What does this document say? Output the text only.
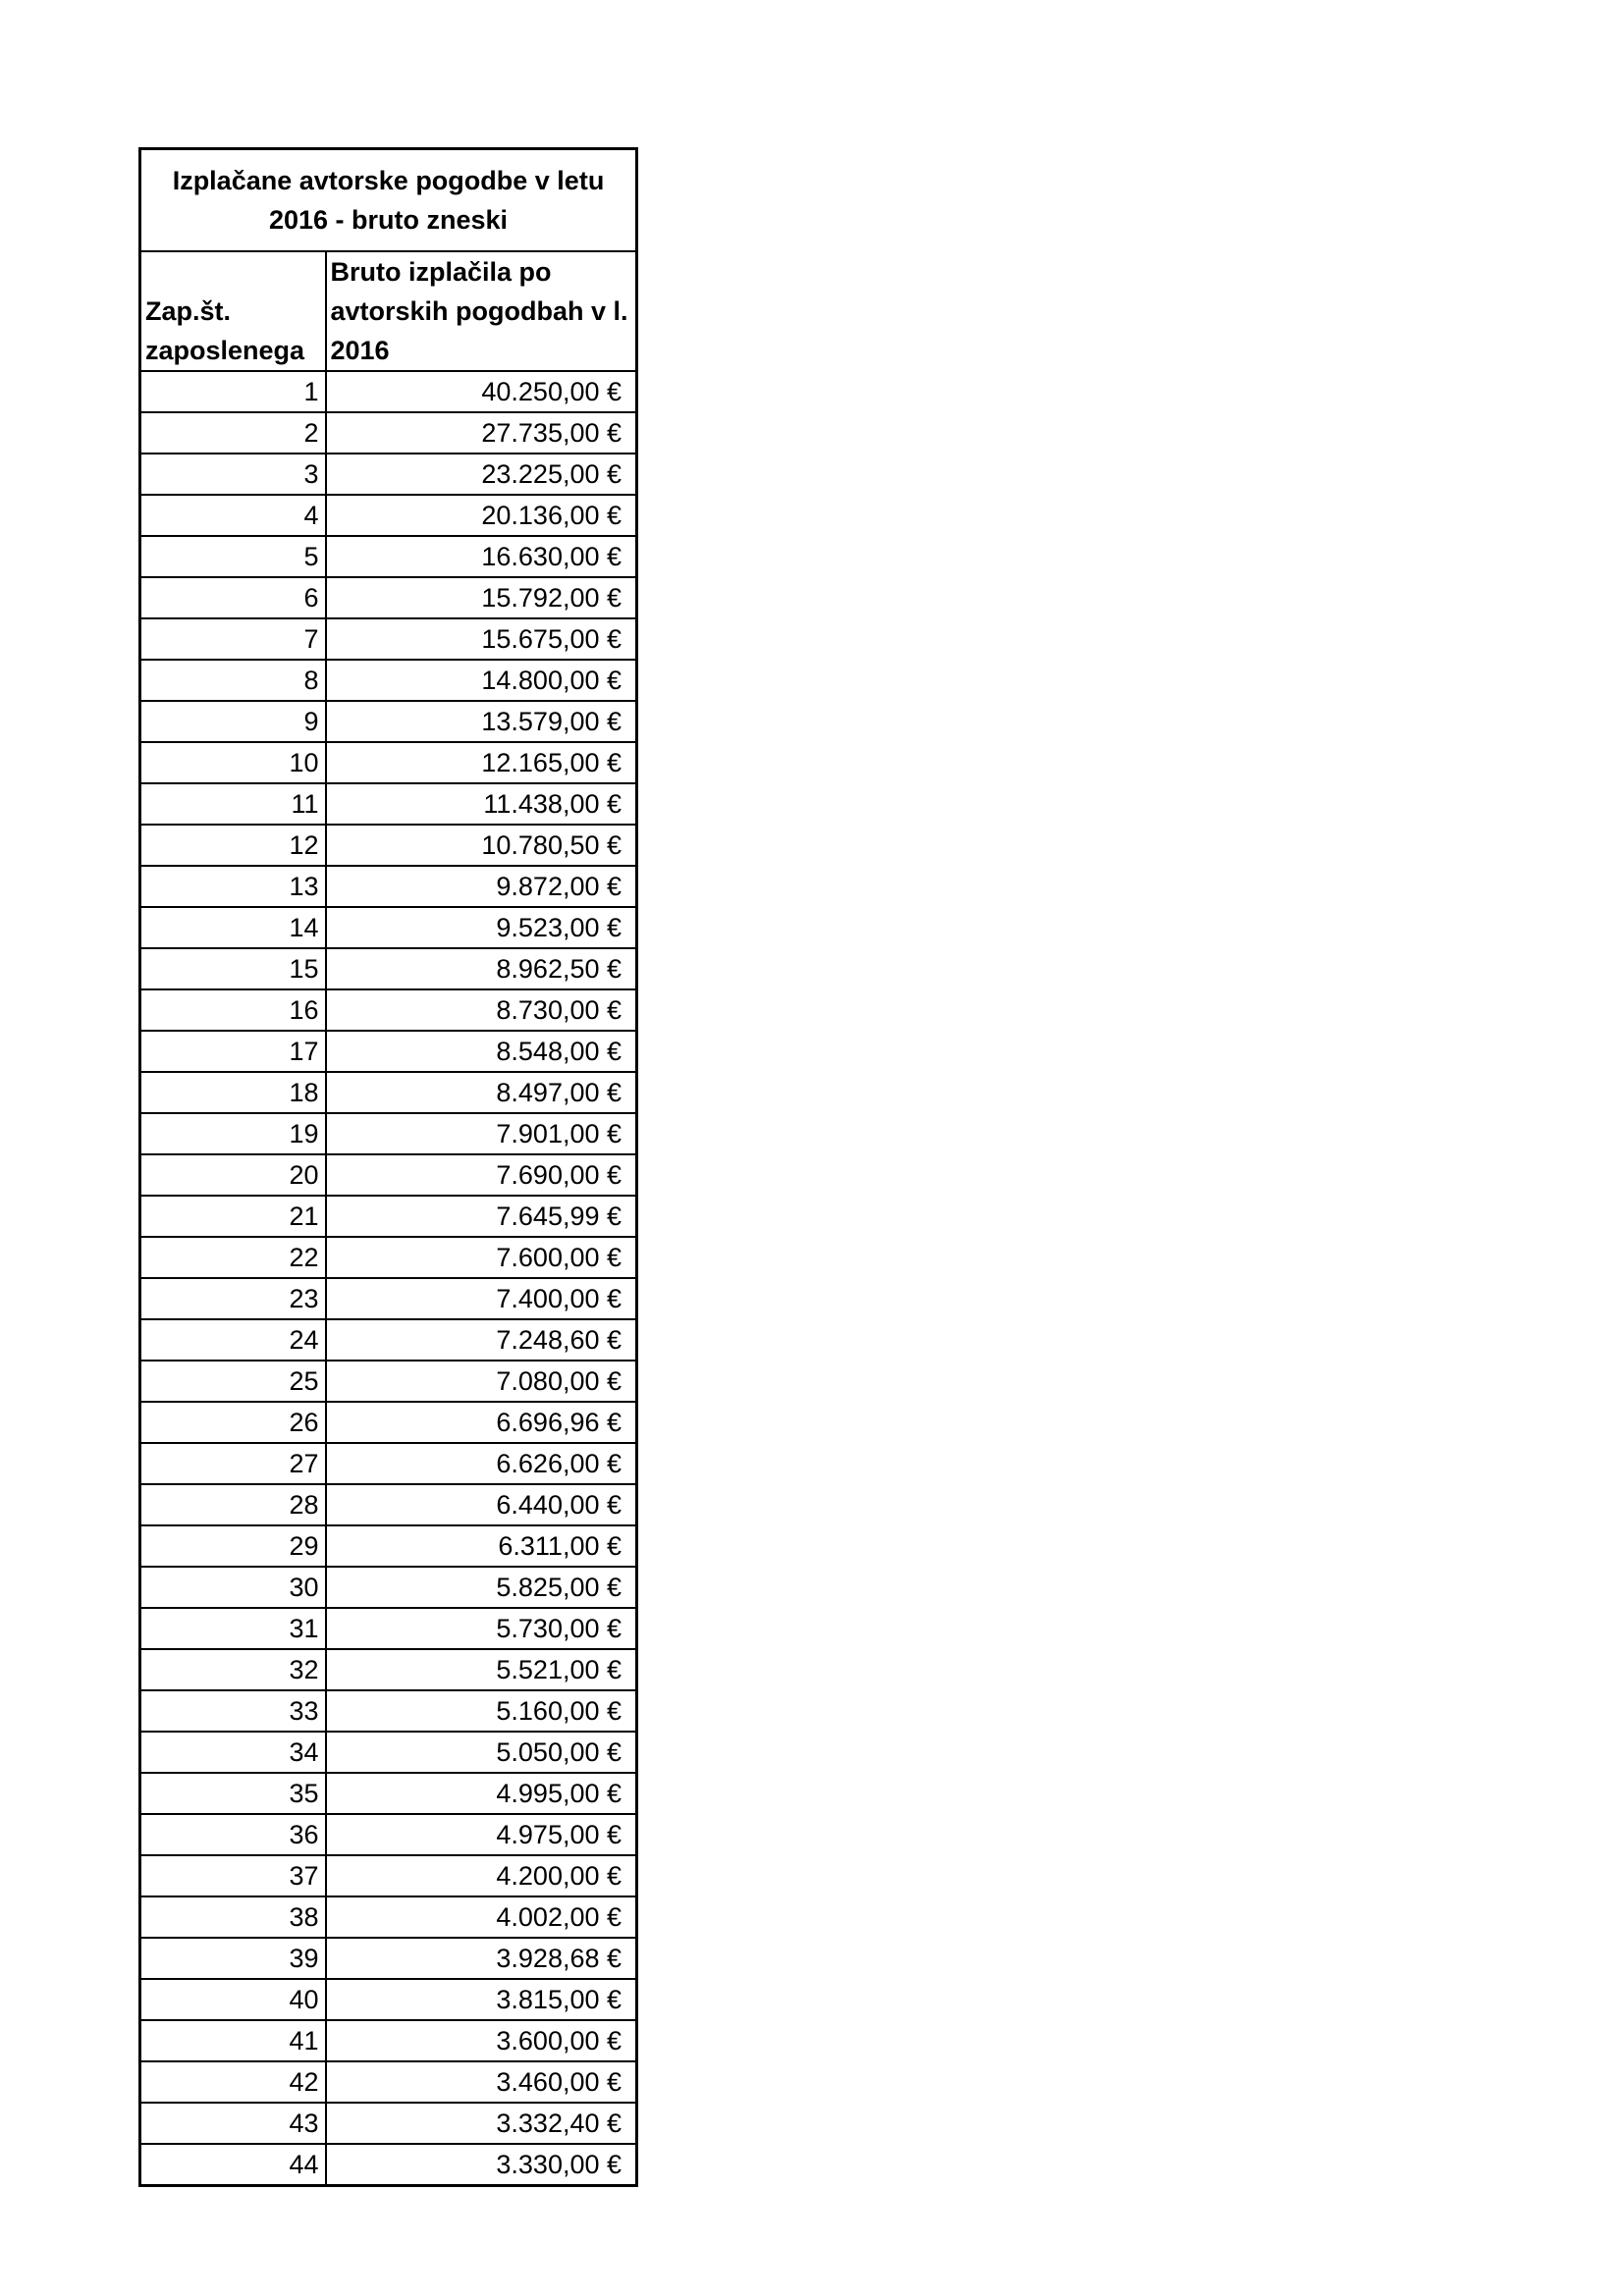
Izplačane avtorske pogodbe v letu 2016 - bruto zneski	
Zap.št. zaposlenega	Bruto izplačila po avtorskih pogodbah v l. 2016
1	40.250,00 €
2	27.735,00 €
3	23.225,00 €
4	20.136,00 €
5	16.630,00 €
6	15.792,00 €
7	15.675,00 €
8	14.800,00 €
9	13.579,00 €
10	12.165,00 €
11	11.438,00 €
12	10.780,50 €
13	9.872,00 €
14	9.523,00 €
15	8.962,50 €
16	8.730,00 €
17	8.548,00 €
18	8.497,00 €
19	7.901,00 €
20	7.690,00 €
21	7.645,99 €
22	7.600,00 €
23	7.400,00 €
24	7.248,60 €
25	7.080,00 €
26	6.696,96 €
27	6.626,00 €
28	6.440,00 €
29	6.311,00 €
30	5.825,00 €
31	5.730,00 €
32	5.521,00 €
33	5.160,00 €
34	5.050,00 €
35	4.995,00 €
36	4.975,00 €
37	4.200,00 €
38	4.002,00 €
39	3.928,68 €
40	3.815,00 €
41	3.600,00 €
42	3.460,00 €
43	3.332,40 €
44	3.330,00 €
